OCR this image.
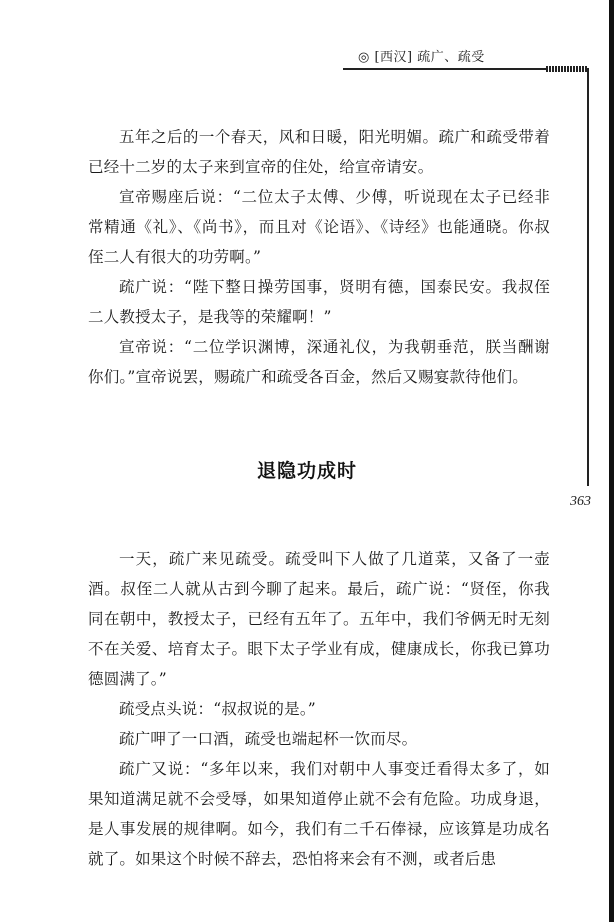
◎ [西汉] 疏广、疏受
363

五年之后的一个春天，风和日暖，阳光明媚。疏广和疏受带着已经十二岁的太子来到宣帝的住处，给宣帝请安。

宣帝赐座后说：“二位太子太傅、少傅，听说现在太子已经非常精通《礼》、《尚书》，而且对《论语》、《诗经》也能通晓。你叔侄二人有很大的功劳啊。”

疏广说：“陛下整日操劳国事，贤明有德，国泰民安。我叔侄二人教授太子，是我等的荣耀啊！”

宣帝说：“二位学识渊博，深通礼仪，为我朝垂范，朕当酬谢你们。”宣帝说罢，赐疏广和疏受各百金，然后又赐宴款待他们。

退隐功成时

一天，疏广来见疏受。疏受叫下人做了几道菜，又备了一壶酒。叔侄二人就从古到今聊了起来。最后，疏广说：“贤侄，你我同在朝中，教授太子，已经有五年了。五年中，我们爷俩无时无刻不在关爱、培育太子。眼下太子学业有成，健康成长，你我已算功德圆满了。”

疏受点头说：“叔叔说的是。”

疏广呷了一口酒，疏受也端起杯一饮而尽。

疏广又说：“多年以来，我们对朝中人事变迁看得太多了，如果知道满足就不会受辱，如果知道停止就不会有危险。功成身退，是人事发展的规律啊。如今，我们有二千石俸禄，应该算是功成名就了。如果这个时候不辞去，恐怕将来会有不测，或者后患
